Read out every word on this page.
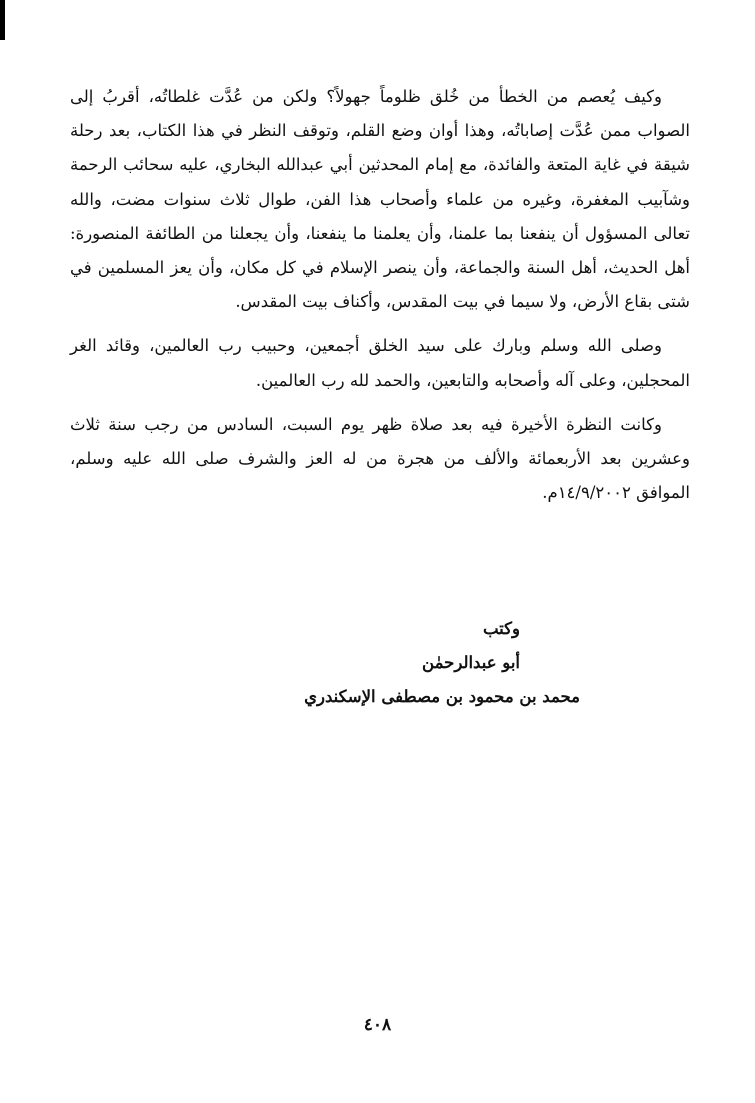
وكيف يُعصم من الخطأ من خُلق ظلوماً جهولاً؟ ولكن من عُدَّت غلطاتُه، أقربُ إلى الصواب ممن عُدَّت إصاباتُه، وهذا أوان وضع القلم، وتوقف النظر في هذا الكتاب، بعد رحلة شيقة في غاية المتعة والفائدة، مع إمام المحدثين أبي عبدالله البخاري، عليه سحائب الرحمة وشآبيب المغفرة، وغيره من علماء وأصحاب هذا الفن، طوال ثلاث سنوات مضت، والله تعالى المسؤول أن ينفعنا بما علمنا، وأن يعلمنا ما ينفعنا، وأن يجعلنا من الطائفة المنصورة: أهل الحديث، أهل السنة والجماعة، وأن ينصر الإسلام في كل مكان، وأن يعز المسلمين في شتى بقاع الأرض، ولا سيما في بيت المقدس، وأكناف بيت المقدس.

وصلى الله وسلم وبارك على سيد الخلق أجمعين، وحبيب رب العالمين، وقائد الغر المحجلين، وعلى آله وأصحابه والتابعين، والحمد لله رب العالمين.

وكانت النظرة الأخيرة فيه بعد صلاة ظهر يوم السبت، السادس من رجب سنة ثلاث وعشرين بعد الأربعمائة والألف من هجرة من له العز والشرف صلى الله عليه وسلم، الموافق ١٤/٩/٢٠٠٢م.

وكتب
أبو عبدالرحمٰن
محمد بن محمود بن مصطفى الإسكندري
٤٠٨
